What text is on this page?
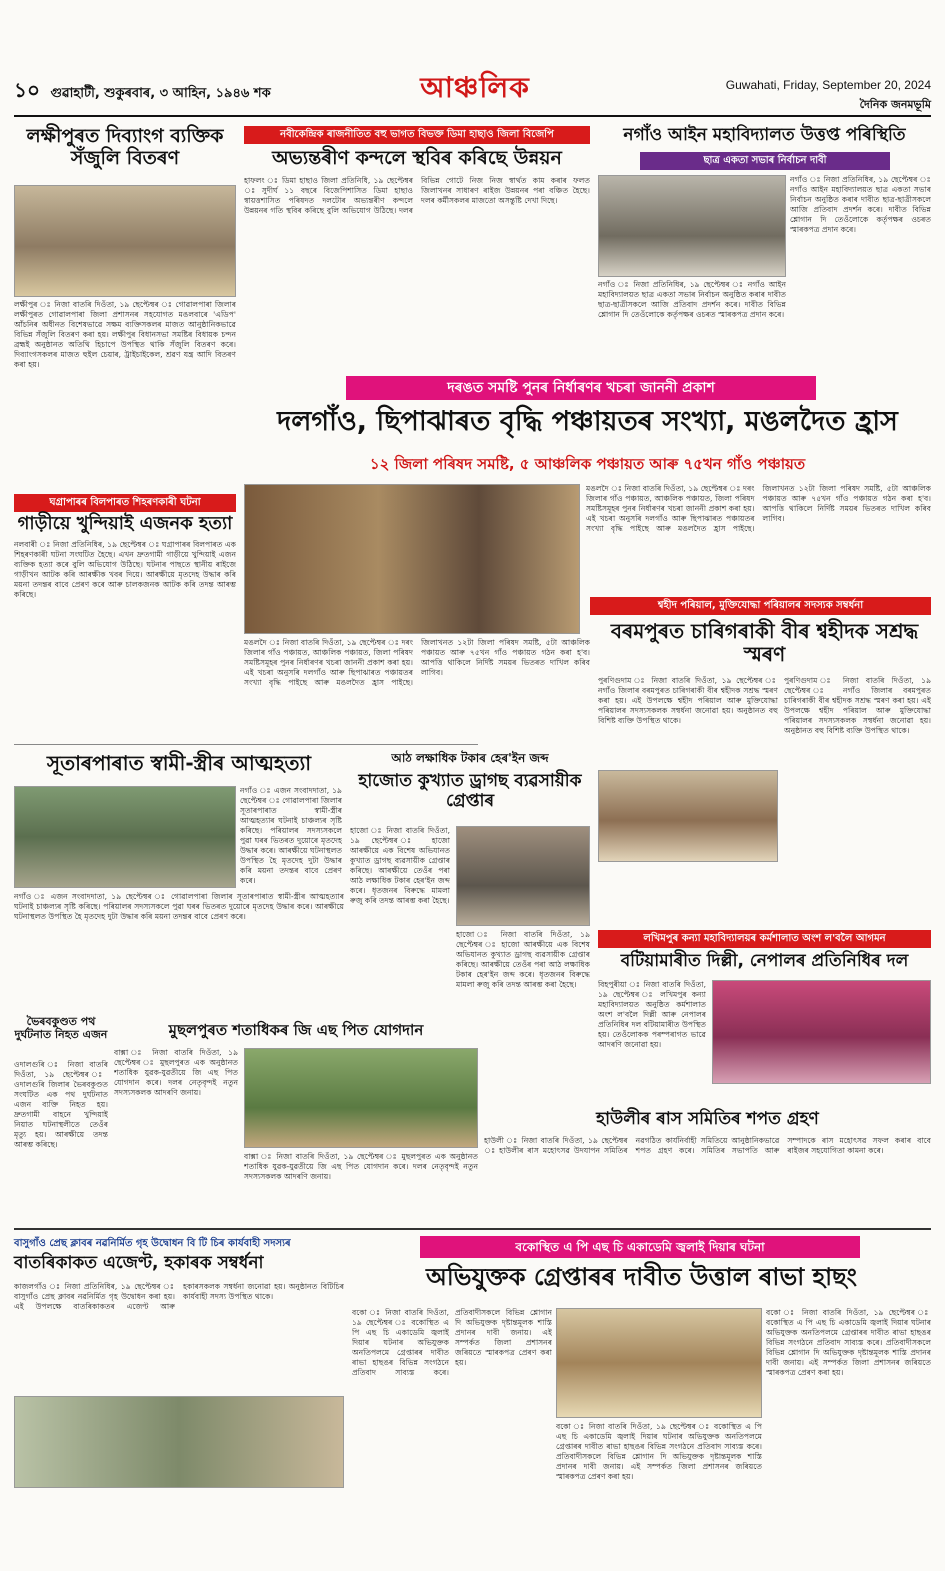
১০ গুৱাহাটী, শুকুৰবাৰ, ৩ আহিন, ১৯৪৬ শক	আঞ্চলিক	Guwahati, Friday, September 20, 2024
দৈনিক জনমভূমি
লক্ষীপুৰত দিব্যাংগ ব্যক্তিক সঁজুলি বিতৰণ
লক্ষীপুৰ ঃ নিজা বাতৰি দিওঁতা, ১৯ ছেপ্টেম্বৰ ঃ গোৱালপাৰা জিলাৰ লক্ষীপুৰত গোৱালপাৰা জিলা প্ৰশাসনৰ সহযোগত মঙলবাৰে 'এডিপ' আঁচনিৰ অধীনত বিশেষভাৱে সক্ষম ব্যক্তিসকলৰ মাজত আনুষ্ঠানিকভাৱে বিভিন্ন সঁজুলি বিতৰণ কৰা হয়। লক্ষীপুৰ বিধানসভা সমষ্টিৰ বিধায়ক চন্দন ব্ৰহ্মই অনুষ্ঠানত অতিথি হিচাপে উপস্থিত থাকি সঁজুলি বিতৰণ কৰে। দিব্যাংগসকলৰ মাজত হুইল চেয়াৰ, ট্ৰাইচাইকেল, শ্ৰৱণ যন্ত্ৰ আদি বিতৰণ কৰা হয়।
ঘগ্ৰাপাৰৰ বিলপাৰত শিহৰণকাৰী ঘটনা
গাড়ীয়ে খুন্দিয়াই এজনক হত্যা
নলবাৰী ঃ নিজা প্ৰতিনিধিৰ, ১৯ ছেপ্টেম্বৰ ঃ ঘগ্ৰাপাৰৰ বিলপাৰত এক শিহৰণকাৰী ঘটনা সংঘটিত হৈছে। এখন দ্ৰুতগামী গাড়ীয়ে খুন্দিয়াই এজন ব্যক্তিক হত্যা কৰে বুলি অভিযোগ উঠিছে। ঘটনাৰ পাছতে স্থানীয় ৰাইজে গাড়ীখন আটক কৰি আৰক্ষীক খবৰ দিয়ে। আৰক্ষীয়ে মৃতদেহ উদ্ধাৰ কৰি ময়না তদন্তৰ বাবে প্ৰেৰণ কৰে আৰু চালকজনক আটক কৰি তদন্ত আৰম্ভ কৰিছে।
সূতাৰপাৰাত স্বামী-স্ত্ৰীৰ আত্মহত্যা
নগাঁও ঃ এজন সংবাদদাতা, ১৯ ছেপ্টেম্বৰ ঃ গোৱালপাৰা জিলাৰ সূতাৰপাৰাত স্বামী-স্ত্ৰীৰ আত্মহত্যাৰ ঘটনাই চাঞ্চল্যৰ সৃষ্টি কৰিছে। পৰিয়ালৰ সদস্যসকলে পুৱা ঘৰৰ ভিতৰত দুয়োৰে মৃতদেহ উদ্ধাৰ কৰে। আৰক্ষীয়ে ঘটনাস্থলত উপস্থিত হৈ মৃতদেহ দুটা উদ্ধাৰ কৰি ময়না তদন্তৰ বাবে প্ৰেৰণ কৰে।
নগাঁও ঃ এজন সংবাদদাতা, ১৯ ছেপ্টেম্বৰ ঃ গোৱালপাৰা জিলাৰ সূতাৰপাৰাত স্বামী-স্ত্ৰীৰ আত্মহত্যাৰ ঘটনাই চাঞ্চল্যৰ সৃষ্টি কৰিছে। পৰিয়ালৰ সদস্যসকলে পুৱা ঘৰৰ ভিতৰত দুয়োৰে মৃতদেহ উদ্ধাৰ কৰে। আৰক্ষীয়ে ঘটনাস্থলত উপস্থিত হৈ মৃতদেহ দুটা উদ্ধাৰ কৰি ময়না তদন্তৰ বাবে প্ৰেৰণ কৰে।
ভৈৰবকুণ্ডত পথ দুৰ্ঘটনাত নিহত এজন
ওদালগুৰি ঃ নিজা বাতৰি দিওঁতা, ১৯ ছেপ্টেম্বৰ ঃ ওদালগুৰি জিলাৰ ভৈৰবকুণ্ডত সংঘটিত এক পথ দুৰ্ঘটনাত এজন ব্যক্তি নিহত হয়। দ্ৰুতগামী বাহনে খুন্দিয়াই নিয়াত ঘটনাস্থলীতে তেওঁৰ মৃত্যু হয়। আৰক্ষীয়ে তদন্ত আৰম্ভ কৰিছে।
মুছলপুৰত শতাধিকৰ জি এছ পিত যোগদান
বাক্সা ঃ নিজা বাতৰি দিওঁতা, ১৯ ছেপ্টেম্বৰ ঃ মুছলপুৰত এক অনুষ্ঠানত শতাধিক যুৱক-যুৱতীয়ে জি এছ পিত যোগদান কৰে। দলৰ নেতৃবৃন্দই নতুন সদস্যসকলক আদৰণি জনায়।
বাক্সা ঃ নিজা বাতৰি দিওঁতা, ১৯ ছেপ্টেম্বৰ ঃ মুছলপুৰত এক অনুষ্ঠানত শতাধিক যুৱক-যুৱতীয়ে জি এছ পিত যোগদান কৰে। দলৰ নেতৃবৃন্দই নতুন সদস্যসকলক আদৰণি জনায়।
নবীকেন্দ্ৰিক ৰাজনীতিত বহু ভাগত বিভক্ত ডিমা হাছাও জিলা বিজেপি
অভ্যন্তৰীণ কন্দলে স্থবিৰ কৰিছে উন্নয়ন
হাফলং ঃ ডিমা হাছাও জিলা প্ৰতিনিধি, ১৯ ছেপ্টেম্বৰ ঃ সুদীৰ্ঘ ১১ বছৰে বিজেপিশাসিত ডিমা হাছাও স্বায়ত্তশাসিত পৰিষদত দলটোৰ অভ্যন্তৰীণ কন্দলে উন্নয়নৰ গতি স্থবিৰ কৰিছে বুলি অভিযোগ উঠিছে। দলৰ বিভিন্ন গোটে নিজ নিজ স্বাৰ্থত কাম কৰাৰ ফলত জিলাখনৰ সাধাৰণ ৰাইজ উন্নয়নৰ পৰা বঞ্চিত হৈছে। দলৰ কৰ্মীসকলৰ মাজতো অসন্তুষ্টি দেখা দিছে।
নগাঁও আইন মহাবিদ্যালত উত্তপ্ত পৰিস্থিতি
ছাত্ৰ একতা সভাৰ নিৰ্বাচন দাবী
নগাঁও ঃ নিজা প্ৰতিনিধিৰ, ১৯ ছেপ্টেম্বৰ ঃ নগাঁও আইন মহাবিদ্যালয়ত ছাত্ৰ একতা সভাৰ নিৰ্বাচন অনুষ্ঠিত কৰাৰ দাবীত ছাত্ৰ-ছাত্ৰীসকলে আজি প্ৰতিবাদ প্ৰদৰ্শন কৰে। দাবীত বিভিন্ন শ্লোগান দি তেওঁলোকে কৰ্তৃপক্ষৰ ওচৰত স্মাৰকপত্ৰ প্ৰদান কৰে।
নগাঁও ঃ নিজা প্ৰতিনিধিৰ, ১৯ ছেপ্টেম্বৰ ঃ নগাঁও আইন মহাবিদ্যালয়ত ছাত্ৰ একতা সভাৰ নিৰ্বাচন অনুষ্ঠিত কৰাৰ দাবীত ছাত্ৰ-ছাত্ৰীসকলে আজি প্ৰতিবাদ প্ৰদৰ্শন কৰে। দাবীত বিভিন্ন শ্লোগান দি তেওঁলোকে কৰ্তৃপক্ষৰ ওচৰত স্মাৰকপত্ৰ প্ৰদান কৰে।
দৰঙত সমষ্টি পুনৰ নিৰ্ধাৰণৰ খচৰা জাননী প্ৰকাশ
দলগাঁও, ছিপাঝাৰত বৃদ্ধি পঞ্চায়তৰ সংখ্যা, মঙলদৈত হ্ৰাস
১২ জিলা পৰিষদ সমষ্টি, ৫ আঞ্চলিক পঞ্চায়ত আৰু ৭৫খন গাঁও পঞ্চায়ত
মঙলদৈ ঃ নিজা বাতৰি দিওঁতা, ১৯ ছেপ্টেম্বৰ ঃ দৰং জিলাৰ গাঁও পঞ্চায়ত, আঞ্চলিক পঞ্চায়ত, জিলা পৰিষদ সমষ্টিসমূহৰ পুনৰ নিৰ্ধাৰণৰ খচৰা জাননী প্ৰকাশ কৰা হয়। এই খচৰা অনুসৰি দলগাঁও আৰু ছিপাঝাৰত পঞ্চায়তৰ সংখ্যা বৃদ্ধি পাইছে আৰু মঙলদৈত হ্ৰাস পাইছে। জিলাখনত ১২টা জিলা পৰিষদ সমষ্টি, ৫টা আঞ্চলিক পঞ্চায়ত আৰু ৭৫খন গাঁও পঞ্চায়ত গঠন কৰা হ'ব। আপত্তি থাকিলে নিৰ্দিষ্ট সময়ৰ ভিতৰত দাখিল কৰিব লাগিব।
মঙলদৈ ঃ নিজা বাতৰি দিওঁতা, ১৯ ছেপ্টেম্বৰ ঃ দৰং জিলাৰ গাঁও পঞ্চায়ত, আঞ্চলিক পঞ্চায়ত, জিলা পৰিষদ সমষ্টিসমূহৰ পুনৰ নিৰ্ধাৰণৰ খচৰা জাননী প্ৰকাশ কৰা হয়। এই খচৰা অনুসৰি দলগাঁও আৰু ছিপাঝাৰত পঞ্চায়তৰ সংখ্যা বৃদ্ধি পাইছে আৰু মঙলদৈত হ্ৰাস পাইছে। জিলাখনত ১২টা জিলা পৰিষদ সমষ্টি, ৫টা আঞ্চলিক পঞ্চায়ত আৰু ৭৫খন গাঁও পঞ্চায়ত গঠন কৰা হ'ব। আপত্তি থাকিলে নিৰ্দিষ্ট সময়ৰ ভিতৰত দাখিল কৰিব লাগিব।
শ্বহীদ পৰিয়াল, মুক্তিযোদ্ধা পৰিয়ালৰ সদস্যক সম্বৰ্ধনা
বৰমপুৰত চাৰিগৰাকী বীৰ শ্বহীদক সশ্ৰদ্ধ স্মৰণ
পুৰণিগুদাম ঃ নিজা বাতৰি দিওঁতা, ১৯ ছেপ্টেম্বৰ ঃ নগাঁও জিলাৰ বৰমপুৰত চাৰিগৰাকী বীৰ শ্বহীদক সশ্ৰদ্ধ স্মৰণ কৰা হয়। এই উপলক্ষে শ্বহীদ পৰিয়াল আৰু মুক্তিযোদ্ধা পৰিয়ালৰ সদস্যসকলক সম্বৰ্ধনা জনোৱা হয়। অনুষ্ঠানত বহু বিশিষ্ট ব্যক্তি উপস্থিত থাকে।
পুৰণিগুদাম ঃ নিজা বাতৰি দিওঁতা, ১৯ ছেপ্টেম্বৰ ঃ নগাঁও জিলাৰ বৰমপুৰত চাৰিগৰাকী বীৰ শ্বহীদক সশ্ৰদ্ধ স্মৰণ কৰা হয়। এই উপলক্ষে শ্বহীদ পৰিয়াল আৰু মুক্তিযোদ্ধা পৰিয়ালৰ সদস্যসকলক সম্বৰ্ধনা জনোৱা হয়। অনুষ্ঠানত বহু বিশিষ্ট ব্যক্তি উপস্থিত থাকে।
আঠ লক্ষাধিক টকাৰ হেৰ'ইন জব্দ
হাজোত কুখ্যাত ড্ৰাগছ ব্যৱসায়ীক গ্ৰেপ্তাৰ
হাজো ঃ নিজা বাতৰি দিওঁতা, ১৯ ছেপ্টেম্বৰ ঃ হাজো আৰক্ষীয়ে এক বিশেষ অভিযানত কুখ্যাত ড্ৰাগছ ব্যৱসায়ীক গ্ৰেপ্তাৰ কৰিছে। আৰক্ষীয়ে তেওঁৰ পৰা আঠ লক্ষাধিক টকাৰ হেৰ'ইন জব্দ কৰে। ধৃতজনৰ বিৰুদ্ধে মামলা ৰুজু কৰি তদন্ত আৰম্ভ কৰা হৈছে।
হাজো ঃ নিজা বাতৰি দিওঁতা, ১৯ ছেপ্টেম্বৰ ঃ হাজো আৰক্ষীয়ে এক বিশেষ অভিযানত কুখ্যাত ড্ৰাগছ ব্যৱসায়ীক গ্ৰেপ্তাৰ কৰিছে। আৰক্ষীয়ে তেওঁৰ পৰা আঠ লক্ষাধিক টকাৰ হেৰ'ইন জব্দ কৰে। ধৃতজনৰ বিৰুদ্ধে মামলা ৰুজু কৰি তদন্ত আৰম্ভ কৰা হৈছে।
লখিমপুৰ কন্যা মহাবিদ্যালয়ৰ কৰ্মশালাত অংশ ল'বলৈ আগমন
বটিয়ামাৰীত দিল্লী, নেপালৰ প্ৰতিনিধিৰ দল
বিহপুৰীয়া ঃ নিজা বাতৰি দিওঁতা, ১৯ ছেপ্টেম্বৰ ঃ লখিমপুৰ কন্যা মহাবিদ্যালয়ত অনুষ্ঠিত কৰ্মশালাত অংশ ল'বলৈ দিল্লী আৰু নেপালৰ প্ৰতিনিধিৰ দল বটিয়ামাৰীত উপস্থিত হয়। তেওঁলোকক পৰম্পৰাগত ভাৱে আদৰণি জনোৱা হয়।
হাউলীৰ ৰাস সমিতিৰ শপত গ্ৰহণ
হাউলী ঃ নিজা বাতৰি দিওঁতা, ১৯ ছেপ্টেম্বৰ ঃ হাউলীৰ ৰাস মহোৎসৱ উদযাপন সমিতিৰ নৱগঠিত কাৰ্যনিৰ্বাহী সমিতিয়ে আনুষ্ঠানিকভাৱে শপত গ্ৰহণ কৰে। সমিতিৰ সভাপতি আৰু সম্পাদকে ৰাস মহোৎসৱ সফল কৰাৰ বাবে ৰাইজৰ সহযোগিতা কামনা কৰে।
বাসুগাঁও প্ৰেছ ক্লাবৰ নৱনিৰ্মিত গৃহ উদ্বোধন বি টি চিৰ কাৰ্যবাহী সদস্যৰ
বাতৰিকাকত এজেণ্ট, হকাৰক সম্বৰ্ধনা
কাজলগাঁও ঃ নিজা প্ৰতিনিধিৰ, ১৯ ছেপ্টেম্বৰ ঃ বাসুগাঁও প্ৰেছ ক্লাবৰ নৱনিৰ্মিত গৃহ উদ্বোধন কৰা হয়। এই উপলক্ষে বাতৰিকাকতৰ এজেণ্ট আৰু হকাৰসকলক সম্বৰ্ধনা জনোৱা হয়। অনুষ্ঠানত বিটিচিৰ কাৰ্যবাহী সদস্য উপস্থিত থাকে।
বকোস্থিত এ পি এছ চি একাডেমি জ্বলাই দিয়াৰ ঘটনা
অভিযুক্তক গ্ৰেপ্তাৰৰ দাবীত উত্তাল ৰাভা হাছং
বকো ঃ নিজা বাতৰি দিওঁতা, ১৯ ছেপ্টেম্বৰ ঃ বকোস্থিত এ পি এছ চি একাডেমি জ্বলাই দিয়াৰ ঘটনাৰ অভিযুক্তক অনতিপলমে গ্ৰেপ্তাৰৰ দাবীত ৰাভা হাছঙৰ বিভিন্ন সংগঠনে প্ৰতিবাদ সাব্যস্ত কৰে। প্ৰতিবাদীসকলে বিভিন্ন শ্লোগান দি অভিযুক্তক দৃষ্টান্তমূলক শাস্তি প্ৰদানৰ দাবী জনায়। এই সম্পৰ্কত জিলা প্ৰশাসনৰ জৰিয়তে স্মাৰকপত্ৰ প্ৰেৰণ কৰা হয়।
বকো ঃ নিজা বাতৰি দিওঁতা, ১৯ ছেপ্টেম্বৰ ঃ বকোস্থিত এ পি এছ চি একাডেমি জ্বলাই দিয়াৰ ঘটনাৰ অভিযুক্তক অনতিপলমে গ্ৰেপ্তাৰৰ দাবীত ৰাভা হাছঙৰ বিভিন্ন সংগঠনে প্ৰতিবাদ সাব্যস্ত কৰে। প্ৰতিবাদীসকলে বিভিন্ন শ্লোগান দি অভিযুক্তক দৃষ্টান্তমূলক শাস্তি প্ৰদানৰ দাবী জনায়। এই সম্পৰ্কত জিলা প্ৰশাসনৰ জৰিয়তে স্মাৰকপত্ৰ প্ৰেৰণ কৰা হয়।
বকো ঃ নিজা বাতৰি দিওঁতা, ১৯ ছেপ্টেম্বৰ ঃ বকোস্থিত এ পি এছ চি একাডেমি জ্বলাই দিয়াৰ ঘটনাৰ অভিযুক্তক অনতিপলমে গ্ৰেপ্তাৰৰ দাবীত ৰাভা হাছঙৰ বিভিন্ন সংগঠনে প্ৰতিবাদ সাব্যস্ত কৰে। প্ৰতিবাদীসকলে বিভিন্ন শ্লোগান দি অভিযুক্তক দৃষ্টান্তমূলক শাস্তি প্ৰদানৰ দাবী জনায়। এই সম্পৰ্কত জিলা প্ৰশাসনৰ জৰিয়তে স্মাৰকপত্ৰ প্ৰেৰণ কৰা হয়।
